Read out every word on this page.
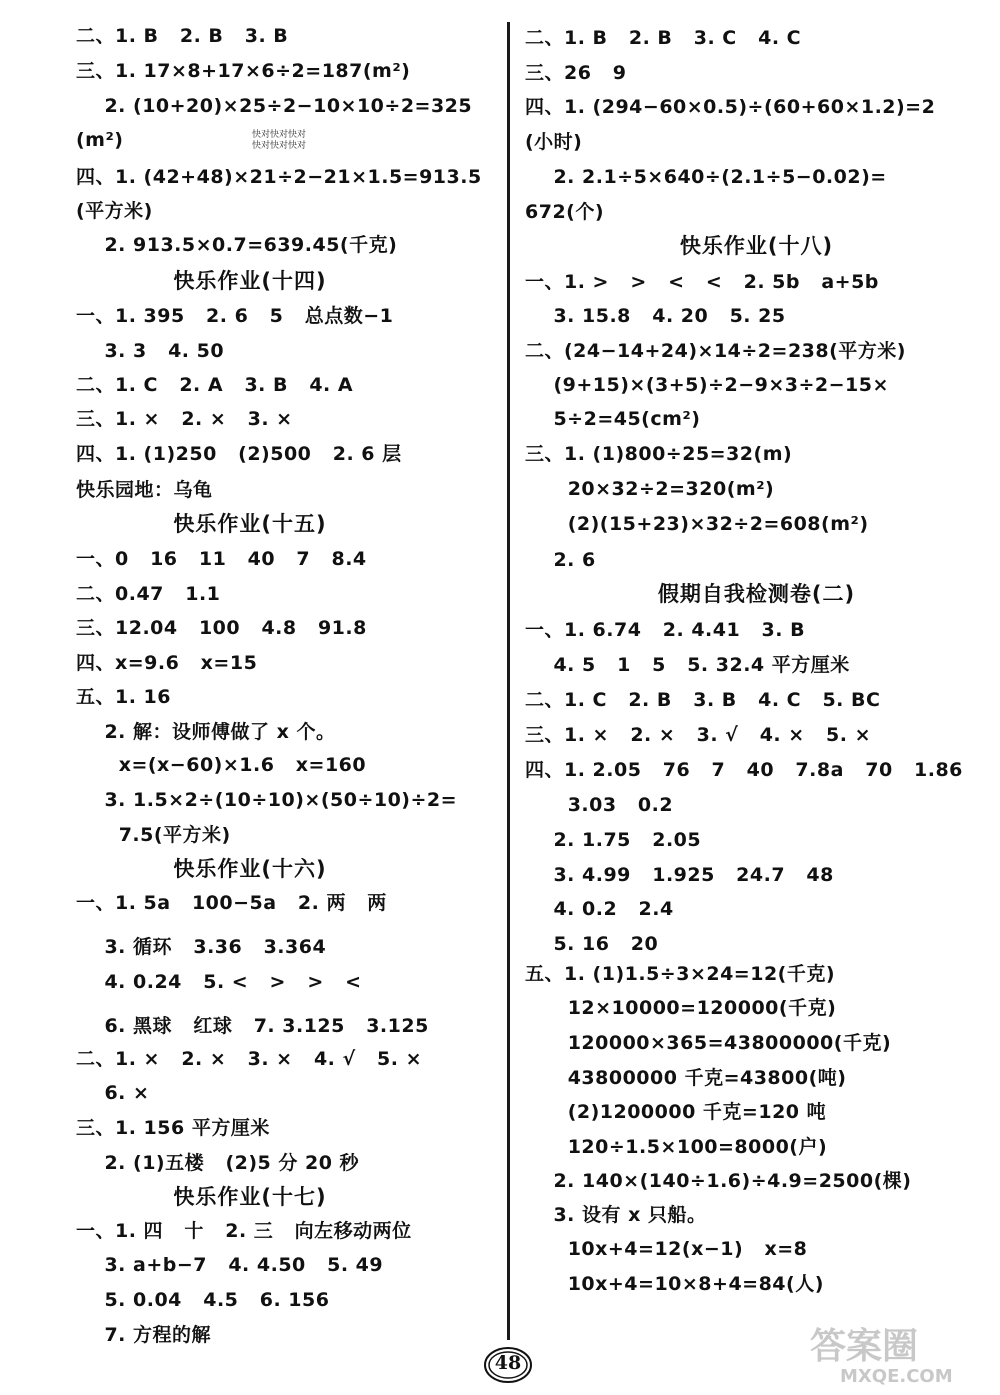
二、1. B   2. B   3. B
三、1. 17×8+17×6÷2=187(m²)
2. (10+20)×25÷2−10×10÷2=325
(m²)
四、1. (42+48)×21÷2−21×1.5=913.5
(平方米)
2. 913.5×0.7=639.45(千克)
快乐作业(十四)
一、1. 395   2. 6   5   总点数−1
3. 3   4. 50
二、1. C   2. A   3. B   4. A
三、1. ×   2. ×   3. ×
四、1. (1)250   (2)500   2. 6 层
快乐园地：乌龟
快乐作业(十五)
一、0   16   11   40   7   8.4
二、0.47   1.1
三、12.04   100   4.8   91.8
四、x=9.6   x=15
五、1. 16
2. 解：设师傅做了 x 个。
x=(x−60)×1.6   x=160
3. 1.5×2÷(10÷10)×(50÷10)÷2=
7.5(平方米)
快乐作业(十六)
一、1. 5a   100−5a   2. 两   两
3. 循环   3.36   3.364
4. 0.24   5. <   >   >   <
6. 黑球   红球   7. 3.125   3.125
二、1. ×   2. ×   3. ×   4. √   5. ×
6. ×
三、1. 156 平方厘米
2. (1)五楼   (2)5 分 20 秒
快乐作业(十七)
一、1. 四   十   2. 三   向左移动两位
3. a+b−7   4. 4.50   5. 49
5. 0.04   4.5   6. 156
7. 方程的解
二、1. B   2. B   3. C   4. C
三、26   9
四、1. (294−60×0.5)÷(60+60×1.2)=2
(小时)
2. 2.1÷5×640÷(2.1÷5−0.02)=
672(个)
快乐作业(十八)
一、1. >   >   <   <   2. 5b   a+5b
3. 15.8   4. 20   5. 25
二、(24−14+24)×14÷2=238(平方米)
(9+15)×(3+5)÷2−9×3÷2−15×
5÷2=45(cm²)
三、1. (1)800÷25=32(m)
20×32÷2=320(m²)
(2)(15+23)×32÷2=608(m²)
2. 6
假期自我检测卷(二)
一、1. 6.74   2. 4.41   3. B
4. 5   1   5   5. 32.4 平方厘米
二、1. C   2. B   3. B   4. C   5. BC
三、1. ×   2. ×   3. √   4. ×   5. ×
四、1. 2.05   76   7   40   7.8a   70   1.86
3.03   0.2
2. 1.75   2.05
3. 4.99   1.925   24.7   48
4. 0.2   2.4
5. 16   20
五、1. (1)1.5÷3×24=12(千克)
12×10000=120000(千克)
120000×365=43800000(千克)
43800000 千克=43800(吨)
(2)1200000 千克=120 吨
120÷1.5×100=8000(户)
2. 140×(140÷1.6)÷4.9=2500(棵)
3. 设有 x 只船。
10x+4=12(x−1)   x=8
10x+4=10×8+4=84(人)
快对快对快对
快对快对快对
48	答案圈
MXQE.COM
